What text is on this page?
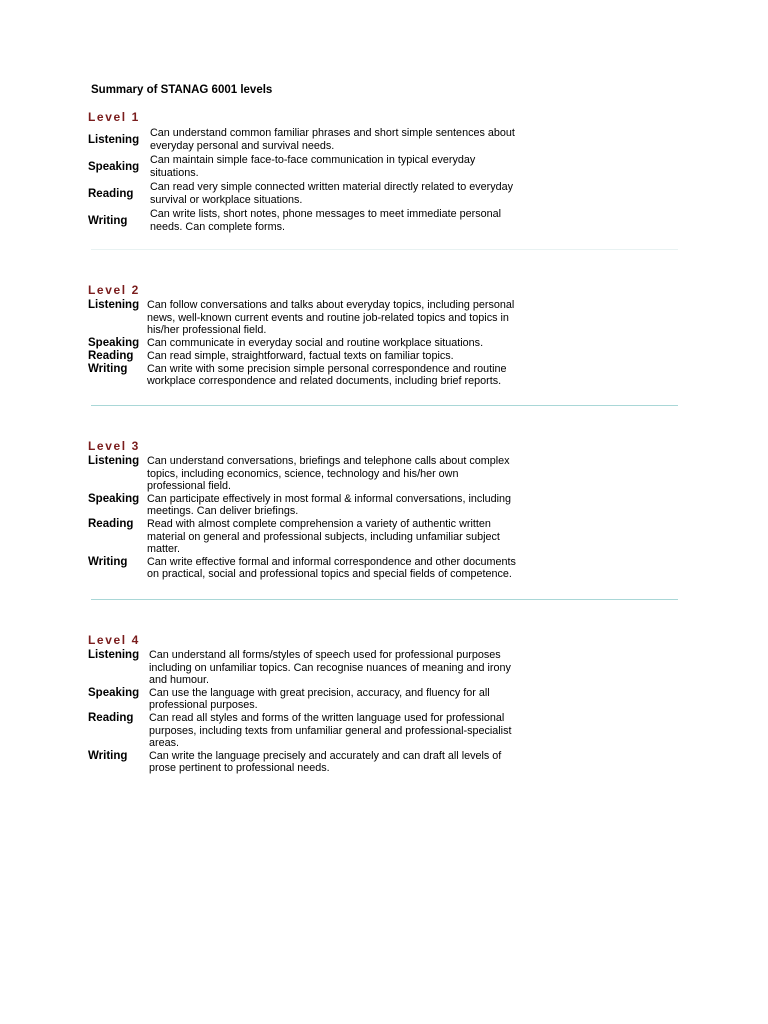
Summary of STANAG 6001 levels
Level 1
Listening
Can understand common familiar phrases and short simple sentences about everyday personal and survival needs.
Speaking
Can maintain simple face-to-face communication in typical everyday situations.
Reading
Can read very simple connected written material directly related to everyday survival or workplace situations.
Writing
Can write lists, short notes, phone messages to meet immediate personal needs. Can complete forms.
Level 2
Listening Can follow conversations and talks about everyday topics, including personal news, well-known current events and routine job-related topics and topics in his/her professional field.
Speaking Can communicate in everyday social and routine workplace situations.
Reading	Can read simple, straightforward, factual texts on familiar topics.
Writing	Can write with some precision simple personal correspondence and routine workplace correspondence and related documents, including brief reports.
Level 3
Listening Can understand conversations, briefings and telephone calls about complex topics, including economics, science, technology and his/her own professional field.
Speaking Can participate effectively in most formal & informal conversations, including meetings. Can deliver briefings.
Reading	Read with almost complete comprehension a variety of authentic written material on general and professional subjects, including unfamiliar subject matter.
Writing	Can write effective formal and informal correspondence and other documents on practical, social and professional topics and special fields of competence.
Level 4
Listening Can understand all forms/styles of speech used for professional purposes including on unfamiliar topics. Can recognise nuances of meaning and irony and humour.
Speaking Can use the language with great precision, accuracy, and fluency for all professional purposes.
Reading	Can read all styles and forms of the written language used for professional purposes, including texts from unfamiliar general and professional-specialist areas.
Writing	Can write the language precisely and accurately and can draft all levels of prose pertinent to professional needs.
